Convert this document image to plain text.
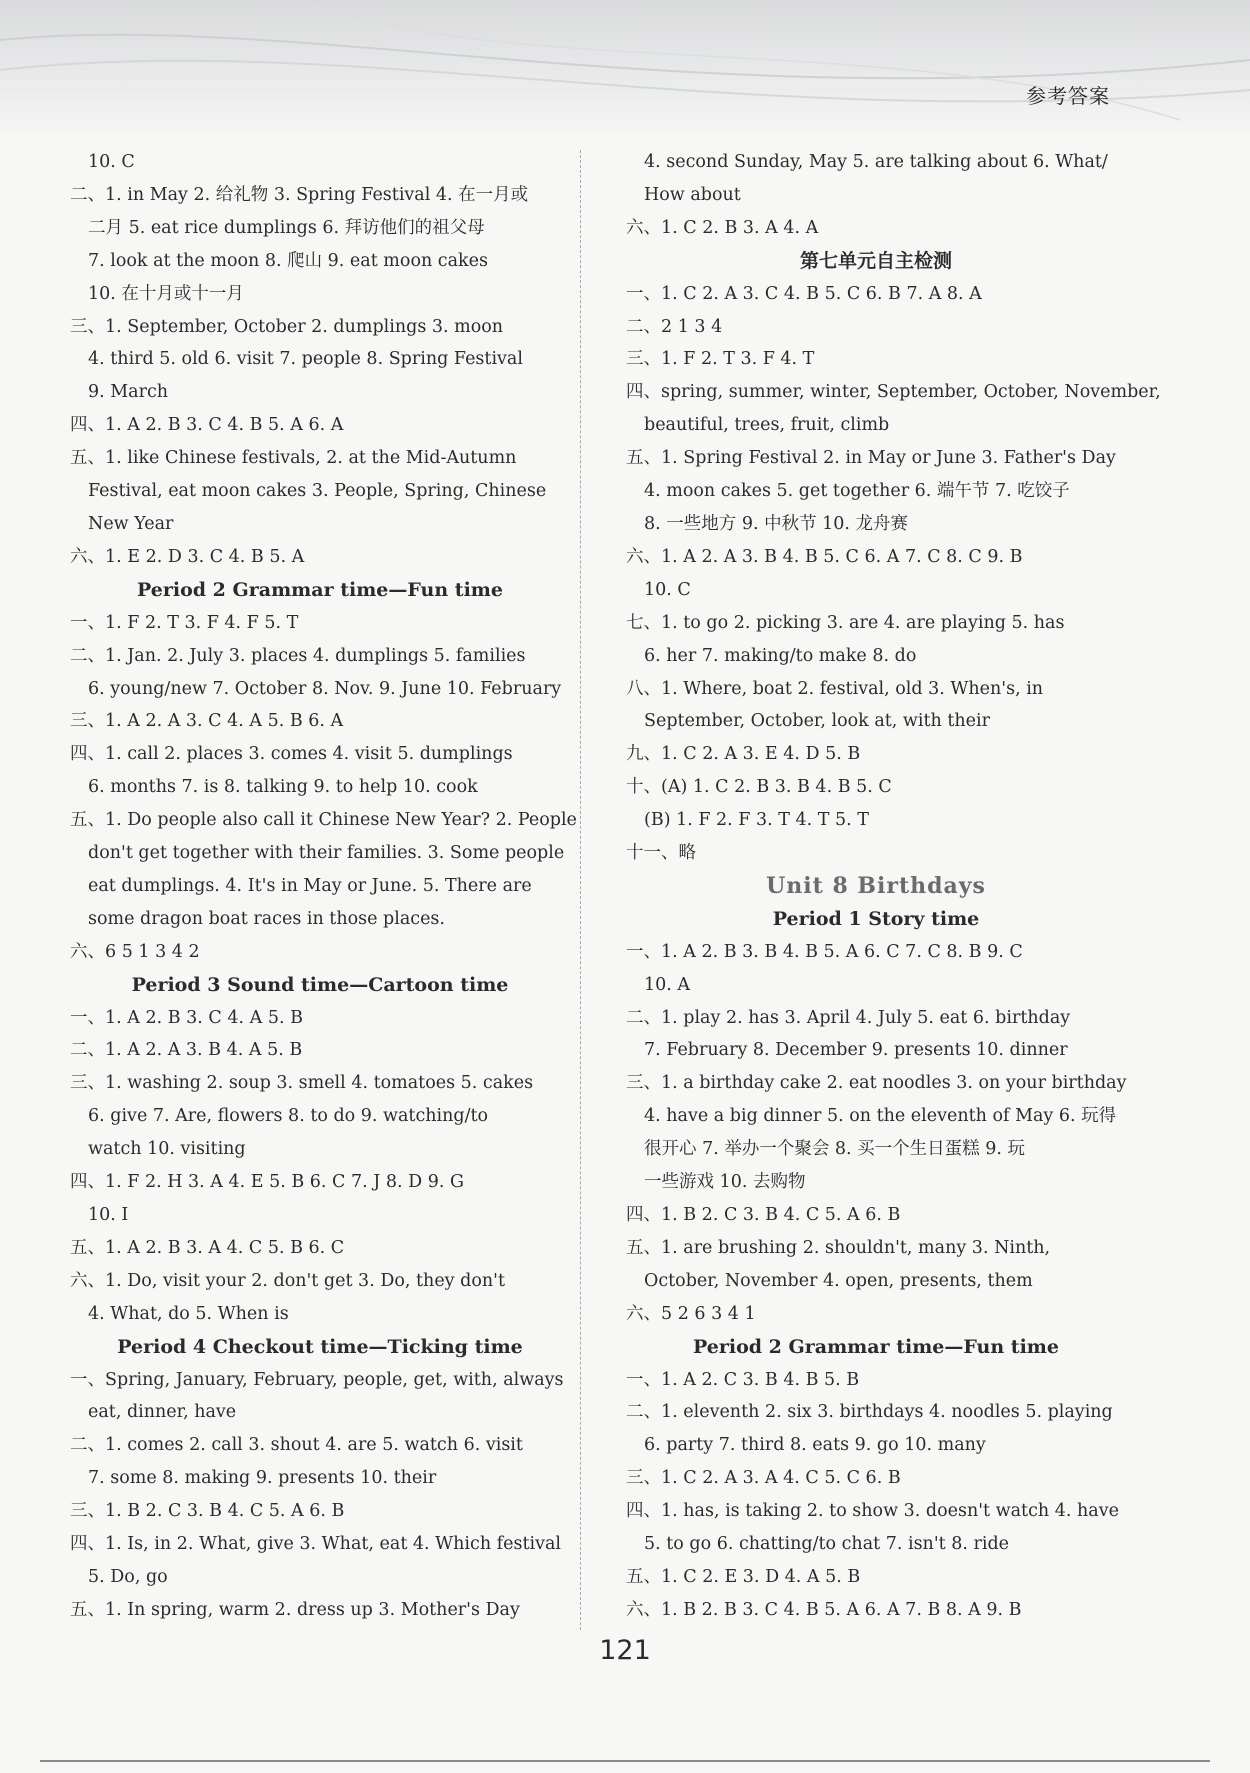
参考答案
10. C
二、1. in May 2. 给礼物 3. Spring Festival 4. 在一月或
二月 5. eat rice dumplings 6. 拜访他们的祖父母
7. look at the moon 8. 爬山 9. eat moon cakes
10. 在十月或十一月
三、1. September, October 2. dumplings 3. moon
4. third 5. old 6. visit 7. people 8. Spring Festival
9. March
四、1. A 2. B 3. C 4. B 5. A 6. A
五、1. like Chinese festivals, 2. at the Mid-Autumn
Festival, eat moon cakes 3. People, Spring, Chinese
New Year
六、1. E 2. D 3. C 4. B 5. A
Period 2 Grammar time—Fun time
一、1. F 2. T 3. F 4. F 5. T
二、1. Jan. 2. July 3. places 4. dumplings 5. families
6. young/new 7. October 8. Nov. 9. June 10. February
三、1. A 2. A 3. C 4. A 5. B 6. A
四、1. call 2. places 3. comes 4. visit 5. dumplings
6. months 7. is 8. talking 9. to help 10. cook
五、1. Do people also call it Chinese New Year? 2. People
don't get together with their families. 3. Some people
eat dumplings. 4. It's in May or June. 5. There are
some dragon boat races in those places.
六、6 5 1 3 4 2
Period 3 Sound time—Cartoon time
一、1. A 2. B 3. C 4. A 5. B
二、1. A 2. A 3. B 4. A 5. B
三、1. washing 2. soup 3. smell 4. tomatoes 5. cakes
6. give 7. Are, flowers 8. to do 9. watching/to
watch 10. visiting
四、1. F 2. H 3. A 4. E 5. B 6. C 7. J 8. D 9. G
10. I
五、1. A 2. B 3. A 4. C 5. B 6. C
六、1. Do, visit your 2. don't get 3. Do, they don't
4. What, do 5. When is
Period 4 Checkout time—Ticking time
一、Spring, January, February, people, get, with, always
eat, dinner, have
二、1. comes 2. call 3. shout 4. are 5. watch 6. visit
7. some 8. making 9. presents 10. their
三、1. B 2. C 3. B 4. C 5. A 6. B
四、1. Is, in 2. What, give 3. What, eat 4. Which festival
5. Do, go
五、1. In spring, warm 2. dress up 3. Mother's Day
4. second Sunday, May 5. are talking about 6. What/
How about
六、1. C 2. B 3. A 4. A
第七单元自主检测
一、1. C 2. A 3. C 4. B 5. C 6. B 7. A 8. A
二、2 1 3 4
三、1. F 2. T 3. F 4. T
四、spring, summer, winter, September, October, November,
beautiful, trees, fruit, climb
五、1. Spring Festival 2. in May or June 3. Father's Day
4. moon cakes 5. get together 6. 端午节 7. 吃饺子
8. 一些地方 9. 中秋节 10. 龙舟赛
六、1. A 2. A 3. B 4. B 5. C 6. A 7. C 8. C 9. B
10. C
七、1. to go 2. picking 3. are 4. are playing 5. has
6. her 7. making/to make 8. do
八、1. Where, boat 2. festival, old 3. When's, in
September, October, look at, with their
九、1. C 2. A 3. E 4. D 5. B
十、(A) 1. C 2. B 3. B 4. B 5. C
(B) 1. F 2. F 3. T 4. T 5. T
十一、略
Unit 8 Birthdays
Period 1 Story time
一、1. A 2. B 3. B 4. B 5. A 6. C 7. C 8. B 9. C
10. A
二、1. play 2. has 3. April 4. July 5. eat 6. birthday
7. February 8. December 9. presents 10. dinner
三、1. a birthday cake 2. eat noodles 3. on your birthday
4. have a big dinner 5. on the eleventh of May 6. 玩得
很开心 7. 举办一个聚会 8. 买一个生日蛋糕 9. 玩
一些游戏 10. 去购物
四、1. B 2. C 3. B 4. C 5. A 6. B
五、1. are brushing 2. shouldn't, many 3. Ninth,
October, November 4. open, presents, them
六、5 2 6 3 4 1
Period 2 Grammar time—Fun time
一、1. A 2. C 3. B 4. B 5. B
二、1. eleventh 2. six 3. birthdays 4. noodles 5. playing
6. party 7. third 8. eats 9. go 10. many
三、1. C 2. A 3. A 4. C 5. C 6. B
四、1. has, is taking 2. to show 3. doesn't watch 4. have
5. to go 6. chatting/to chat 7. isn't 8. ride
五、1. C 2. E 3. D 4. A 5. B
六、1. B 2. B 3. C 4. B 5. A 6. A 7. B 8. A 9. B
121
